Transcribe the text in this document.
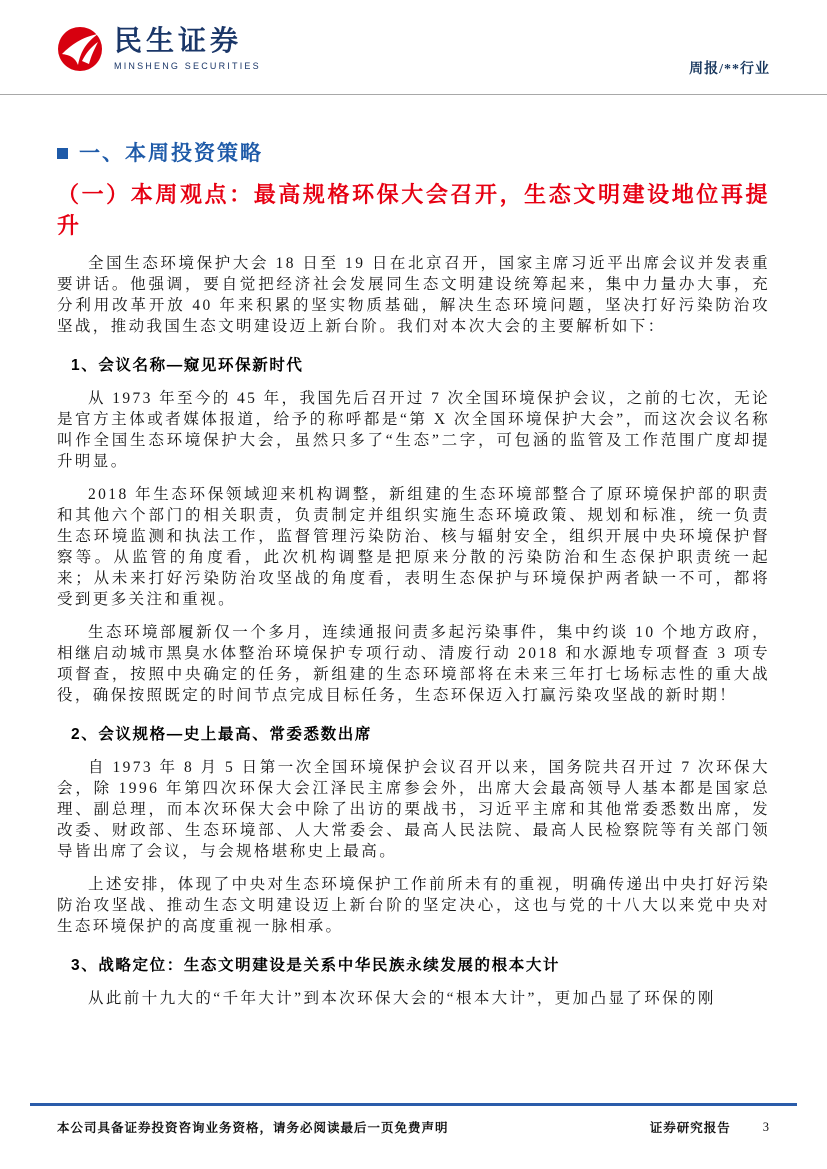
民生证券
MINSHENG SECURITIES	周报/**行业
一、本周投资策略
（一）本周观点：最高规格环保大会召开，生态文明建设地位再提升

全国生态环境保护大会 18 日至 19 日在北京召开，国家主席习近平出席会议并发表重要讲话。他强调，要自觉把经济社会发展同生态文明建设统筹起来，集中力量办大事，充分利用改革开放 40 年来积累的坚实物质基础，解决生态环境问题，坚决打好污染防治攻坚战，推动我国生态文明建设迈上新台阶。我们对本次大会的主要解析如下：

1、会议名称—窥见环保新时代

从 1973 年至今的 45 年，我国先后召开过 7 次全国环境保护会议，之前的七次，无论是官方主体或者媒体报道，给予的称呼都是“第 X 次全国环境保护大会”，而这次会议名称叫作全国生态环境保护大会，虽然只多了“生态”二字，可包涵的监管及工作范围广度却提升明显。

2018 年生态环保领域迎来机构调整，新组建的生态环境部整合了原环境保护部的职责和其他六个部门的相关职责，负责制定并组织实施生态环境政策、规划和标准，统一负责生态环境监测和执法工作，监督管理污染防治、核与辐射安全，组织开展中央环境保护督察等。从监管的角度看，此次机构调整是把原来分散的污染防治和生态保护职责统一起来；从未来打好污染防治攻坚战的角度看，表明生态保护与环境保护两者缺一不可，都将受到更多关注和重视。

生态环境部履新仅一个多月，连续通报问责多起污染事件，集中约谈 10 个地方政府，相继启动城市黑臭水体整治环境保护专项行动、清废行动 2018 和水源地专项督查 3 项专项督查，按照中央确定的任务，新组建的生态环境部将在未来三年打七场标志性的重大战役，确保按照既定的时间节点完成目标任务，生态环保迈入打赢污染攻坚战的新时期！

2、会议规格—史上最高、常委悉数出席

自 1973 年 8 月 5 日第一次全国环境保护会议召开以来，国务院共召开过 7 次环保大会，除 1996 年第四次环保大会江泽民主席参会外，出席大会最高领导人基本都是国家总理、副总理，而本次环保大会中除了出访的栗战书，习近平主席和其他常委悉数出席，发改委、财政部、生态环境部、人大常委会、最高人民法院、最高人民检察院等有关部门领导皆出席了会议，与会规格堪称史上最高。

上述安排，体现了中央对生态环境保护工作前所未有的重视，明确传递出中央打好污染防治攻坚战、推动生态文明建设迈上新台阶的坚定决心，这也与党的十八大以来党中央对生态环境保护的高度重视一脉相承。

3、战略定位：生态文明建设是关系中华民族永续发展的根本大计

从此前十九大的“千年大计”到本次环保大会的“根本大计”，更加凸显了环保的刚

本公司具备证券投资咨询业务资格，请务必阅读最后一页免费声明	证券研究报告	3
